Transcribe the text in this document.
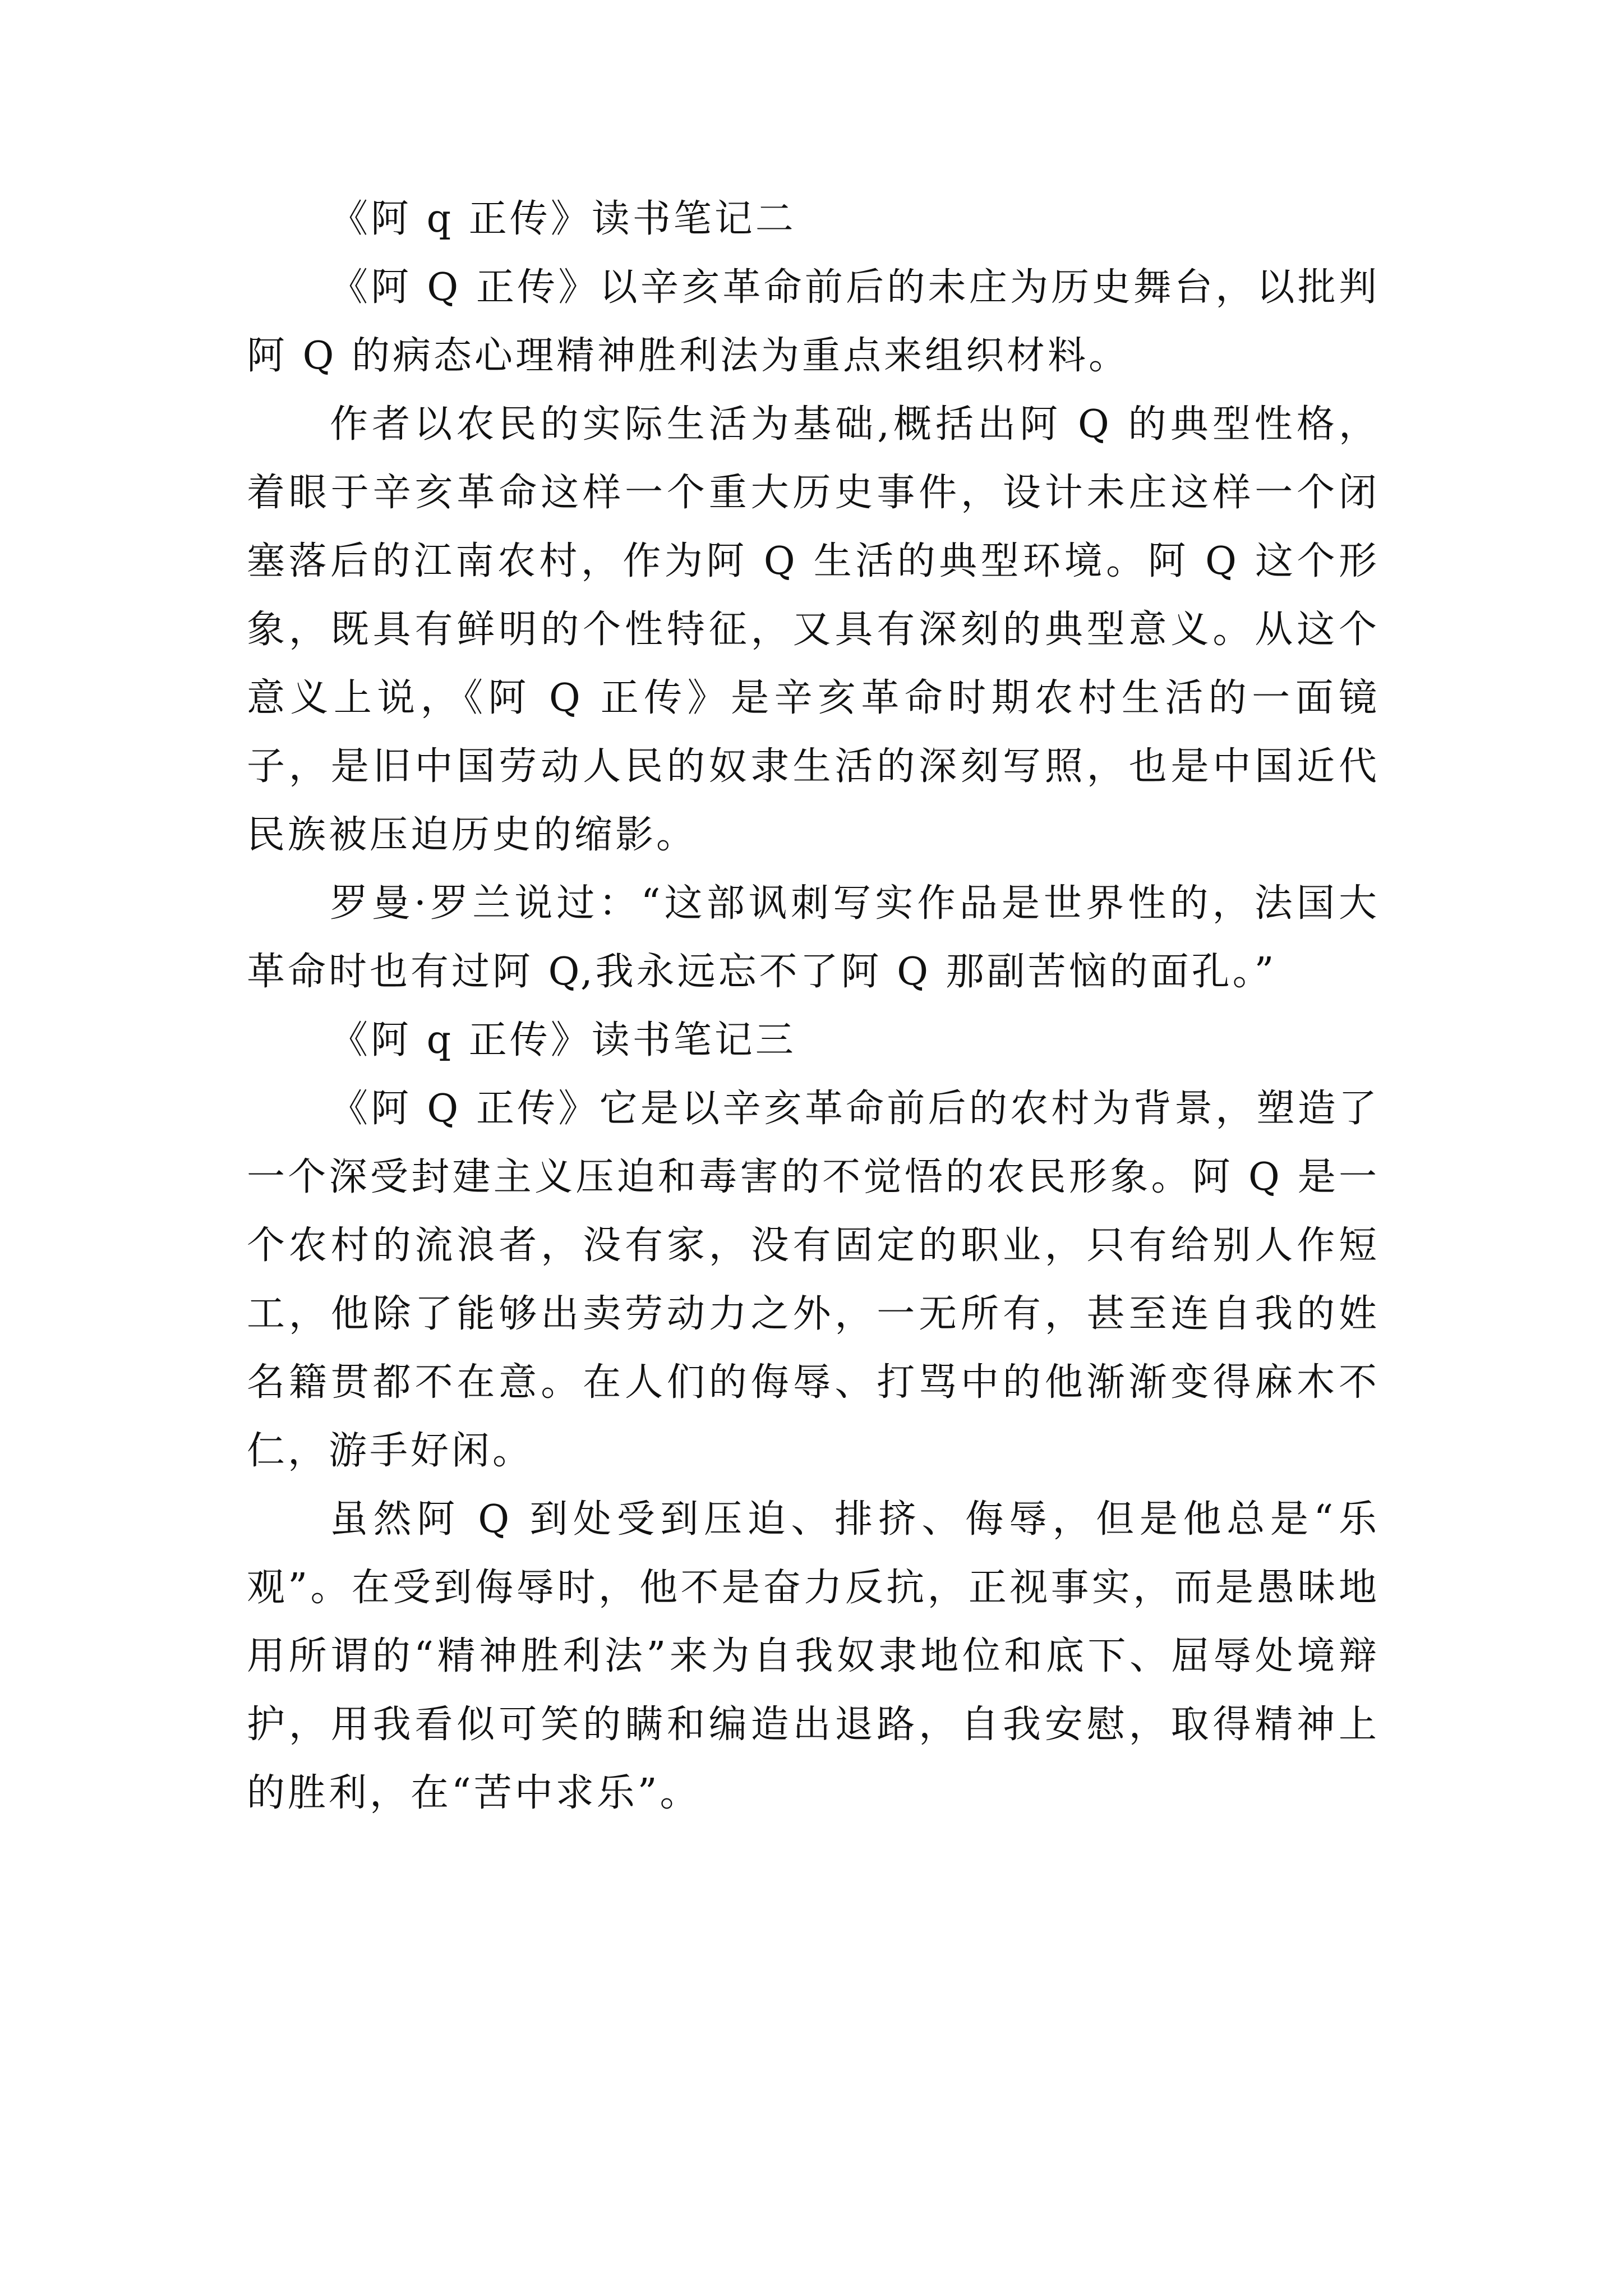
《阿 q 正传》读书笔记二

《阿 Q 正传》以辛亥革命前后的未庄为历史舞台，以批判阿 Q 的病态心理精神胜利法为重点来组织材料。

作者以农民的实际生活为基础,概括出阿 Q 的典型性格，着眼于辛亥革命这样一个重大历史事件，设计未庄这样一个闭塞落后的江南农村，作为阿 Q 生活的典型环境。阿 Q 这个形象，既具有鲜明的个性特征，又具有深刻的典型意义。从这个意义上说，《阿 Q 正传》是辛亥革命时期农村生活的一面镜子，是旧中国劳动人民的奴隶生活的深刻写照，也是中国近代民族被压迫历史的缩影。

罗曼·罗兰说过：“这部讽刺写实作品是世界性的，法国大革命时也有过阿 Q,我永远忘不了阿 Q 那副苦恼的面孔。”

《阿 q 正传》读书笔记三

《阿 Q 正传》它是以辛亥革命前后的农村为背景，塑造了一个深受封建主义压迫和毒害的不觉悟的农民形象。阿 Q 是一个农村的流浪者，没有家，没有固定的职业，只有给别人作短工，他除了能够出卖劳动力之外，一无所有，甚至连自我的姓名籍贯都不在意。在人们的侮辱、打骂中的他渐渐变得麻木不仁，游手好闲。

虽然阿 Q 到处受到压迫、排挤、侮辱，但是他总是“乐观”。在受到侮辱时，他不是奋力反抗，正视事实，而是愚昧地用所谓的“精神胜利法”来为自我奴隶地位和底下、屈辱处境辩护，用我看似可笑的瞒和编造出退路，自我安慰，取得精神上的胜利，在“苦中求乐”。
